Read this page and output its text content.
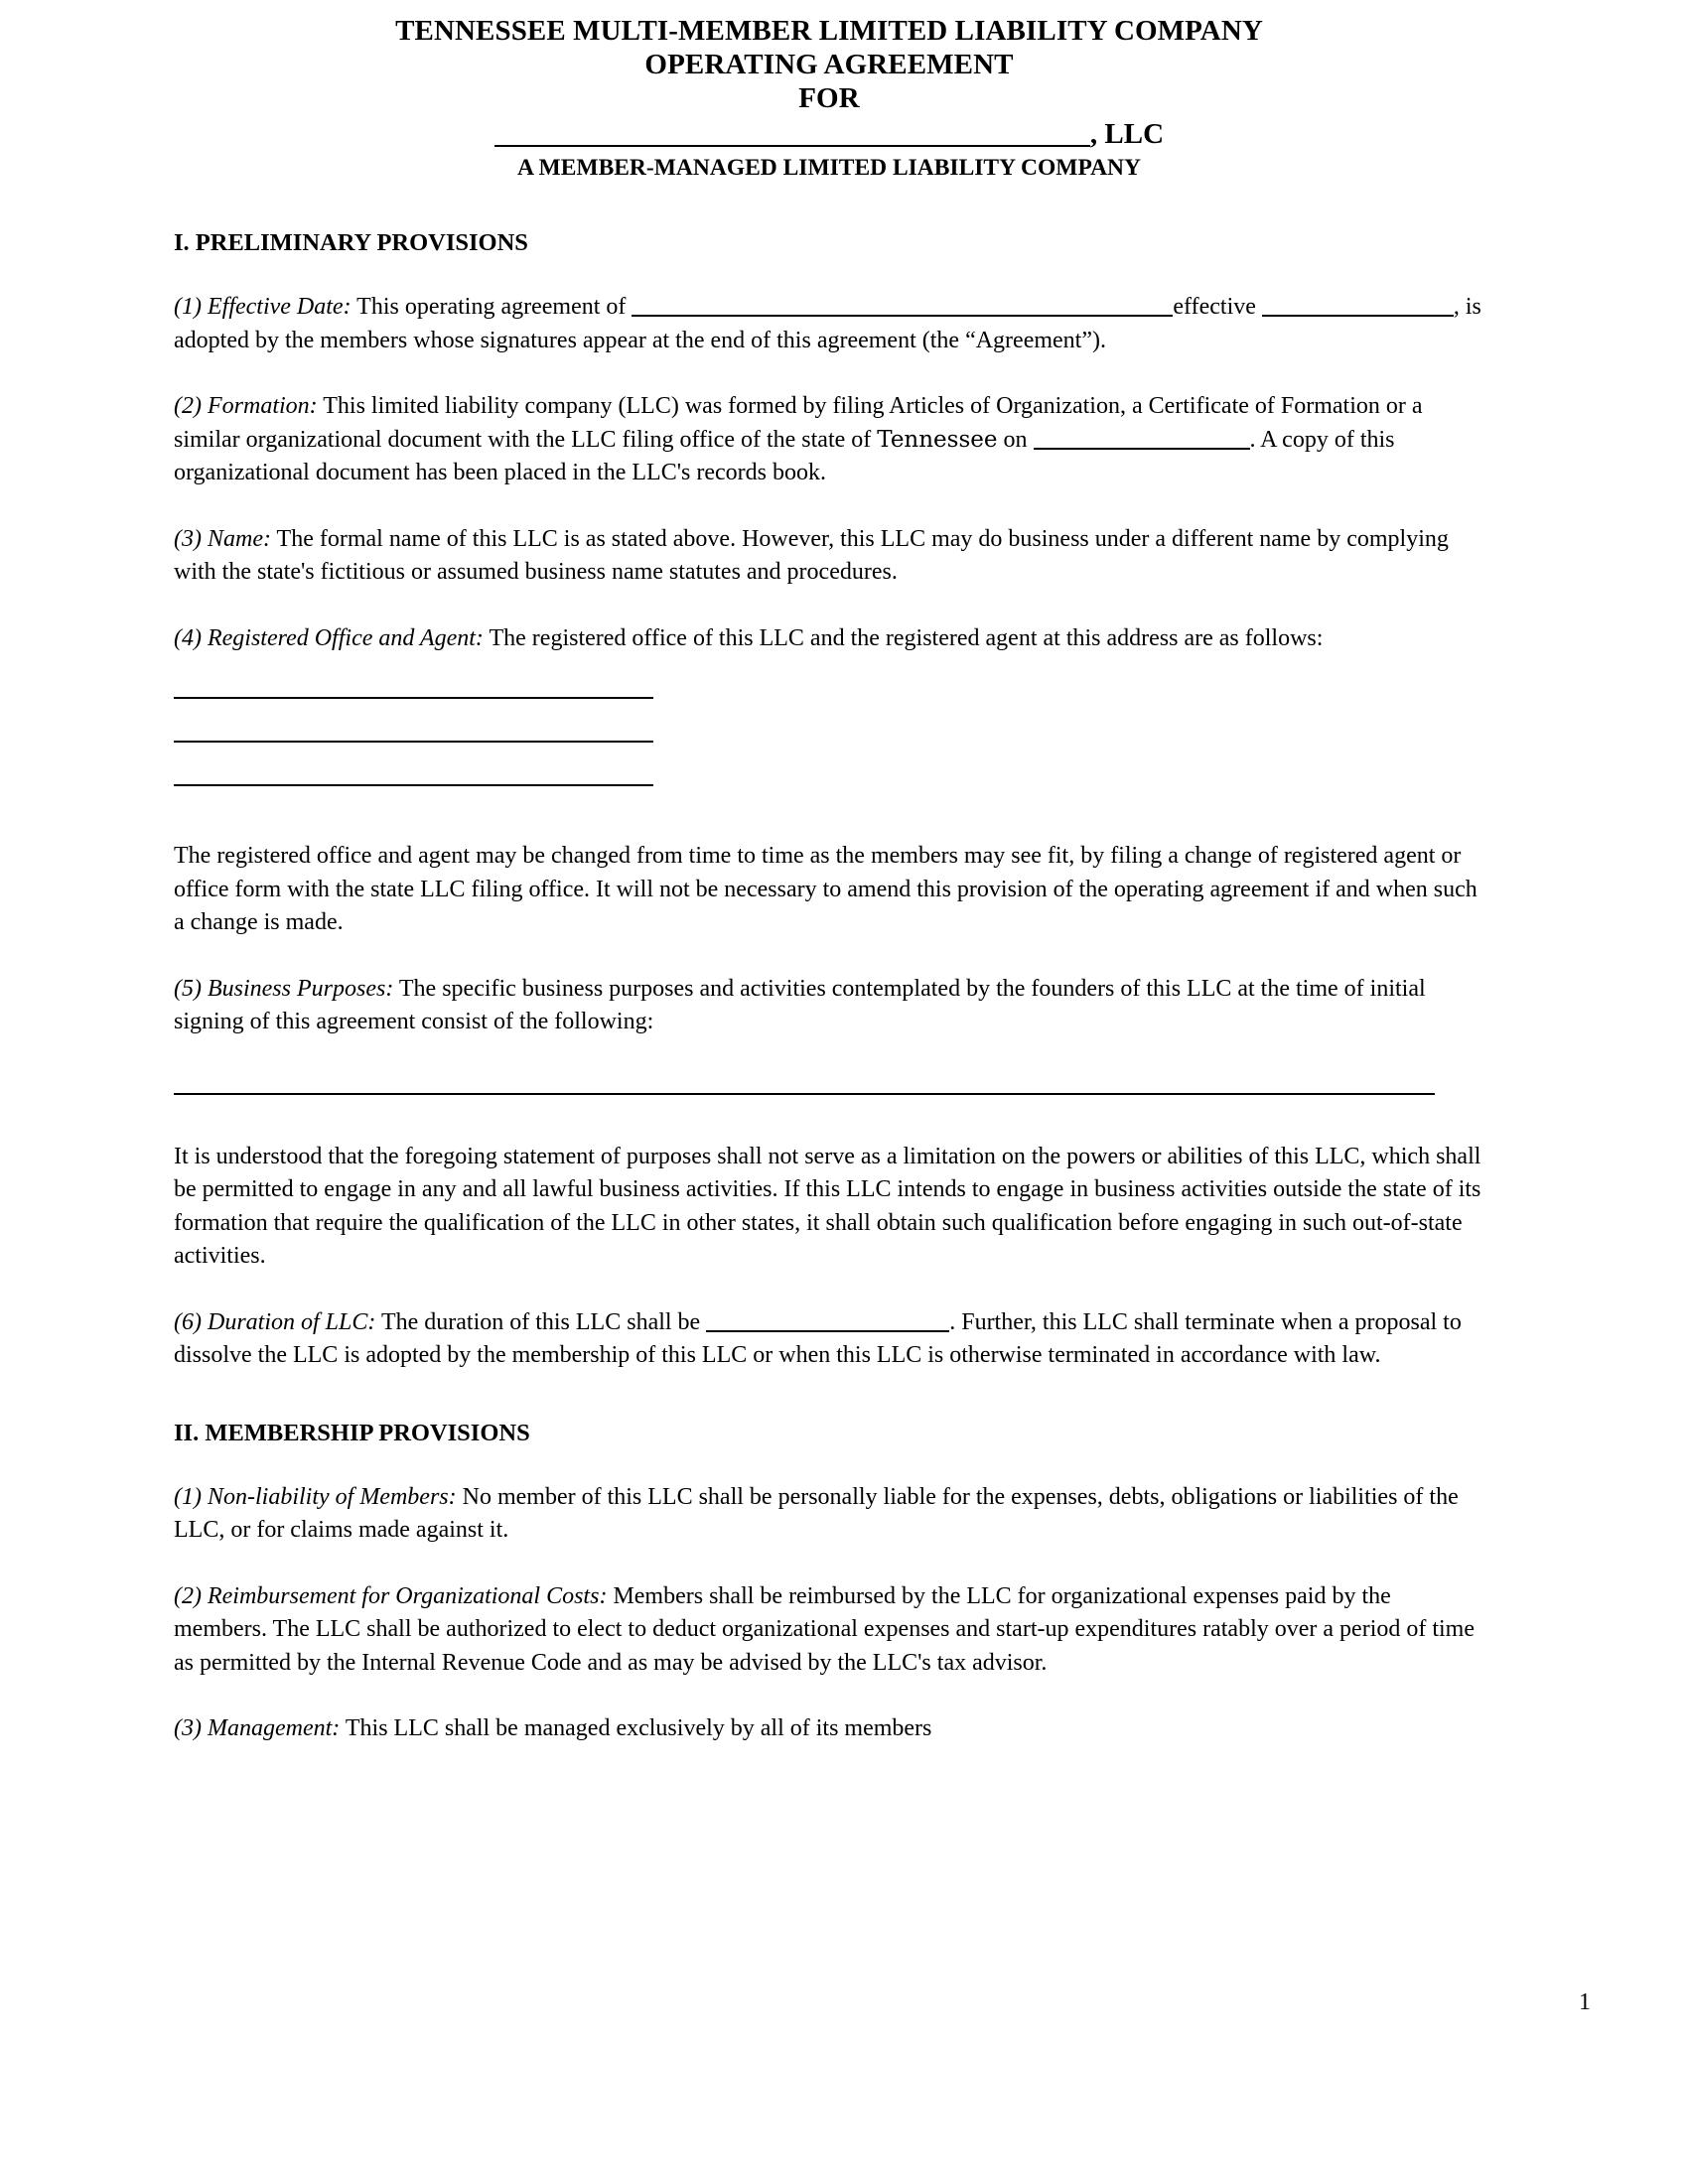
TENNESSEE MULTI-MEMBER LIMITED LIABILITY COMPANY
OPERATING AGREEMENT
FOR
, LLC
A MEMBER-MANAGED LIMITED LIABILITY COMPANY
I. PRELIMINARY PROVISIONS

(1) Effective Date: This operating agreement of	effective	, is adopted by the members whose signatures appear at the end of this agreement (the “Agreement”).

(2) Formation: This limited liability company (LLC) was formed by filing Articles of Organization, a Certificate of Formation or a similar organizational document with the LLC filing office of the state of Tennessee on	. A copy of this organizational document has been placed in the LLC's records book.

(3) Name: The formal name of this LLC is as stated above. However, this LLC may do business under a different name by complying with the state's fictitious or assumed business name statutes and procedures.

(4) Registered Office and Agent: The registered office of this LLC and the registered agent at this address are as follows:

The registered office and agent may be changed from time to time as the members may see fit, by filing a change of registered agent or office form with the state LLC filing office. It will not be necessary to amend this provision of the operating agreement if and when such a change is made.

(5) Business Purposes: The specific business purposes and activities contemplated by the founders of this LLC at the time of initial signing of this agreement consist of the following:

It is understood that the foregoing statement of purposes shall not serve as a limitation on the powers or abilities of this LLC, which shall be permitted to engage in any and all lawful business activities. If this LLC intends to engage in business activities outside the state of its formation that require the qualification of the LLC in other states, it shall obtain such qualification before engaging in such out-of-state activities.

(6) Duration of LLC: The duration of this LLC shall be	. Further, this LLC shall terminate when a proposal to dissolve the LLC is adopted by the membership of this LLC or when this LLC is otherwise terminated in accordance with law.

II. MEMBERSHIP PROVISIONS

(1) Non-liability of Members: No member of this LLC shall be personally liable for the expenses, debts, obligations or liabilities of the LLC, or for claims made against it.

(2) Reimbursement for Organizational Costs: Members shall be reimbursed by the LLC for organizational expenses paid by the members. The LLC shall be authorized to elect to deduct organizational expenses and start-up expenditures ratably over a period of time as permitted by the Internal Revenue Code and as may be advised by the LLC's tax advisor.

(3) Management: This LLC shall be managed exclusively by all of its members

1
